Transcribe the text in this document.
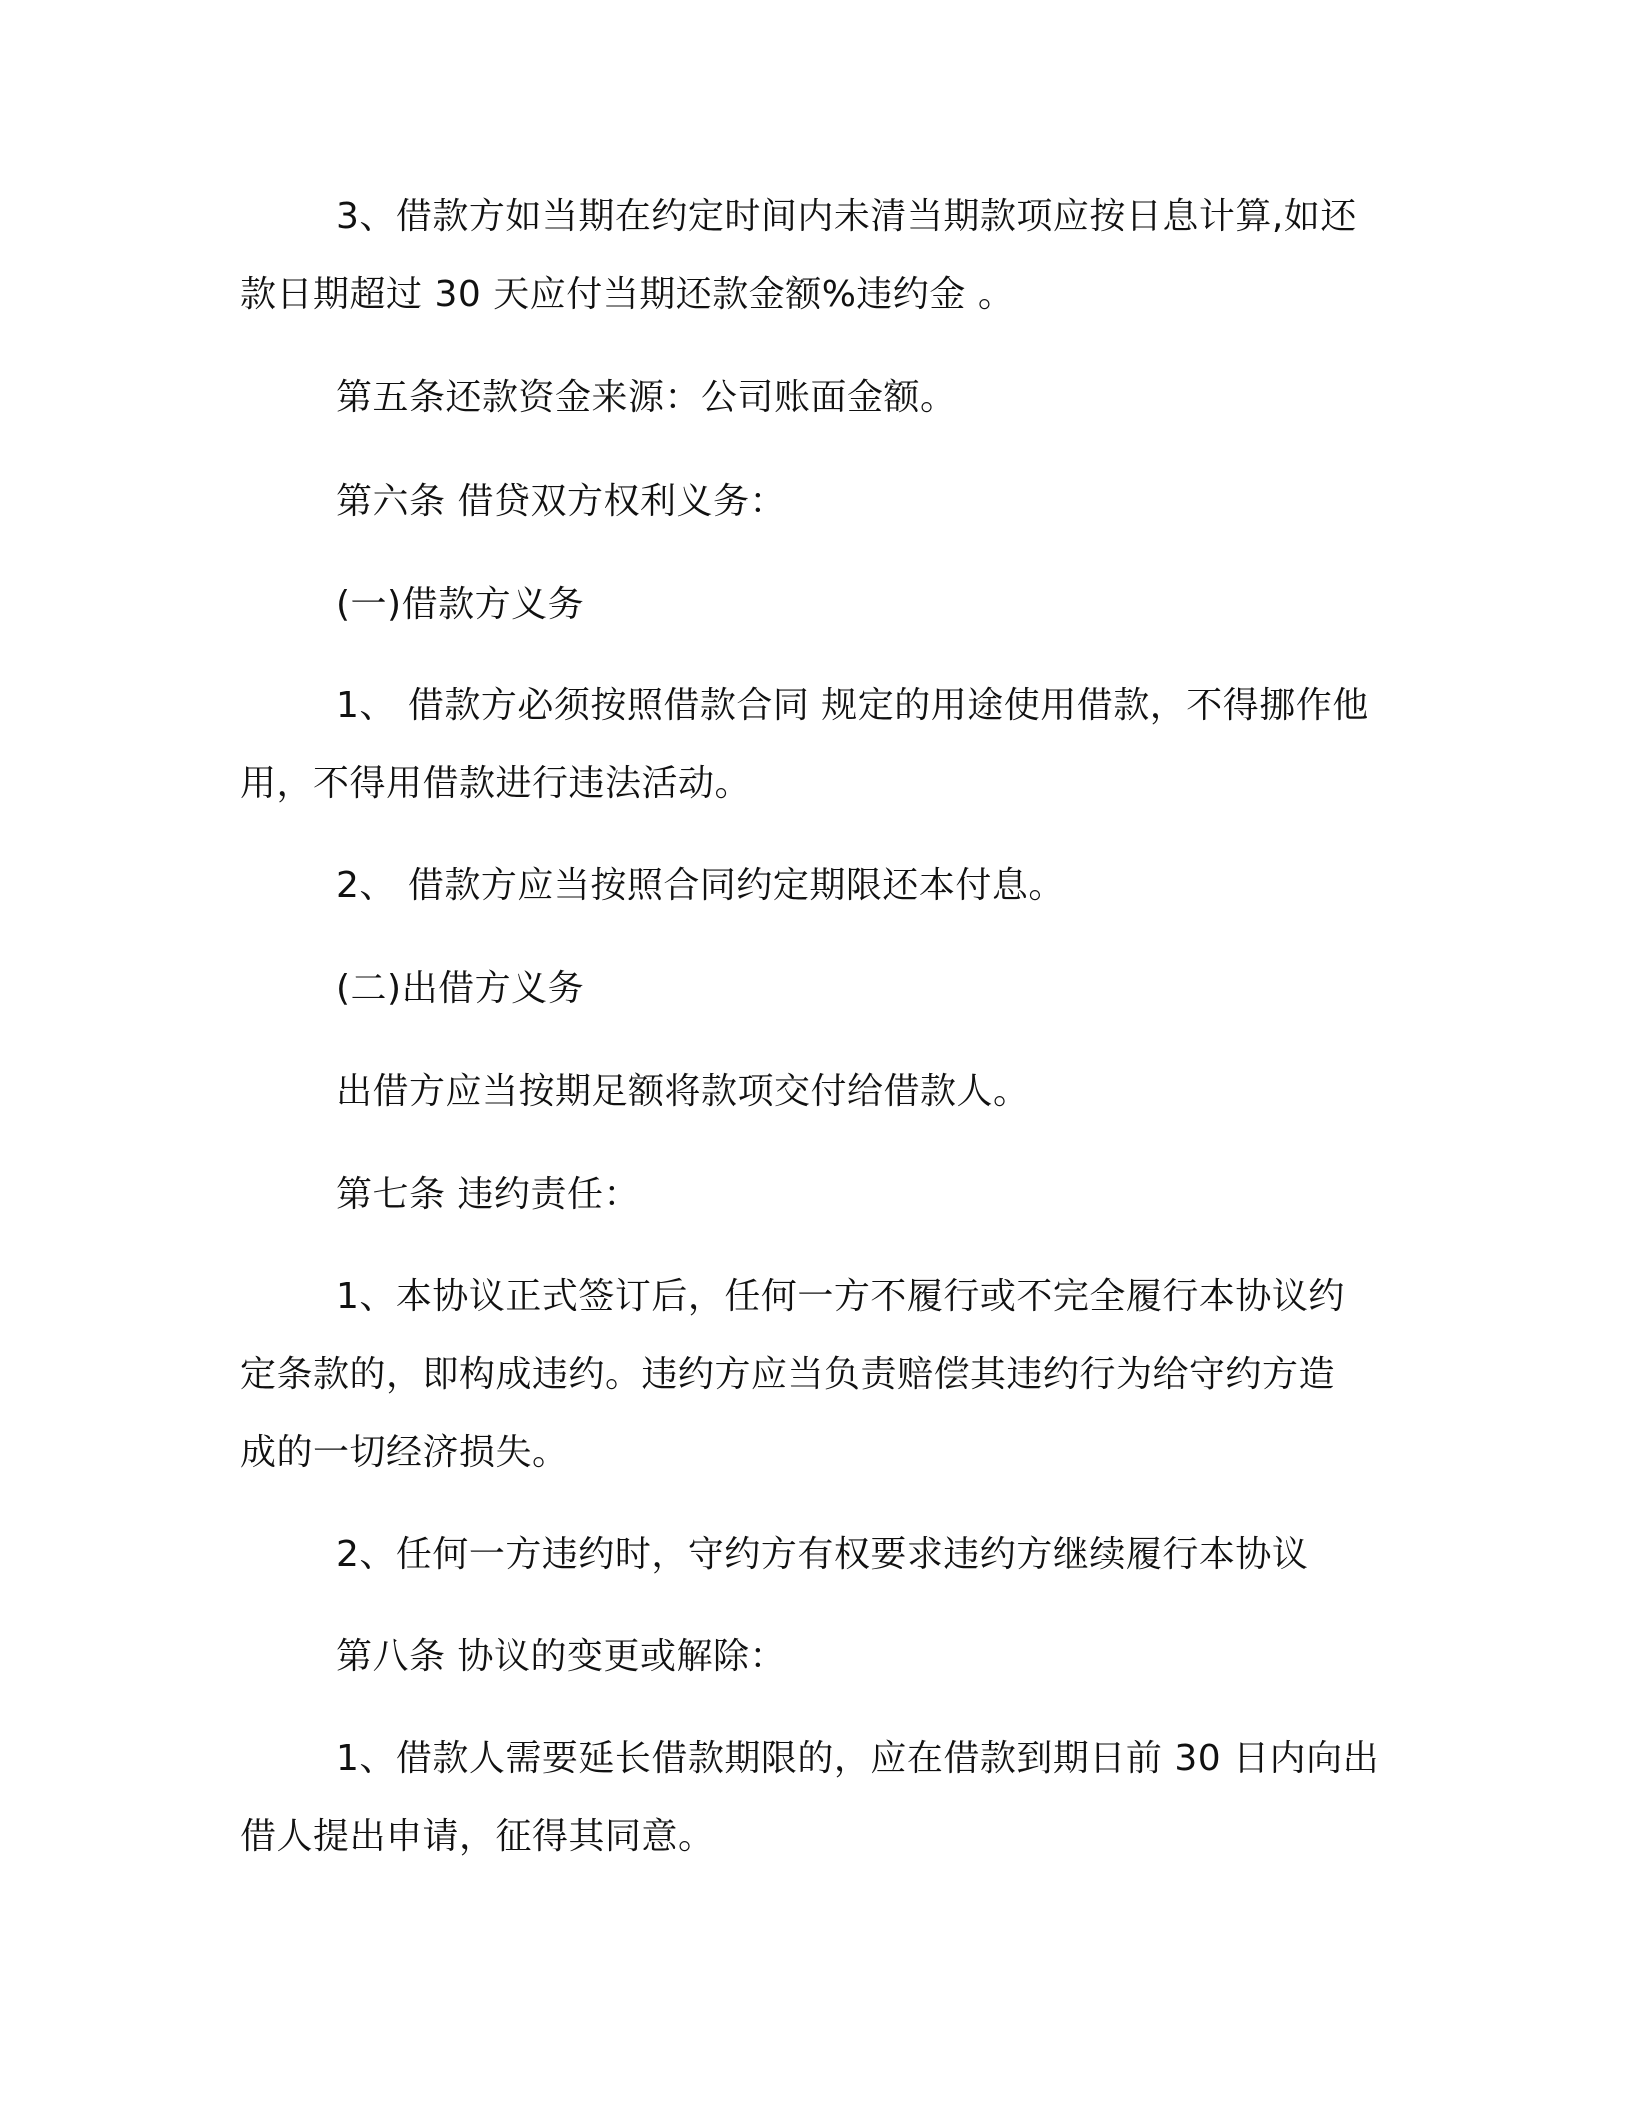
3、借款方如当期在约定时间内未清当期款项应按日息计算,如还
款日期超过 30 天应付当期还款金额%违约金 。
第五条还款资金来源：公司账面金额。
第六条 借贷双方权利义务：
(一)借款方义务
1、 借款方必须按照借款合同 规定的用途使用借款，不得挪作他
用，不得用借款进行违法活动。
2、 借款方应当按照合同约定期限还本付息。
(二)出借方义务
出借方应当按期足额将款项交付给借款人。
第七条 违约责任：
1、本协议正式签订后，任何一方不履行或不完全履行本协议约
定条款的，即构成违约。违约方应当负责赔偿其违约行为给守约方造
成的一切经济损失。
2、任何一方违约时，守约方有权要求违约方继续履行本协议
第八条 协议的变更或解除：
1、借款人需要延长借款期限的，应在借款到期日前 30 日内向出
借人提出申请，征得其同意。
